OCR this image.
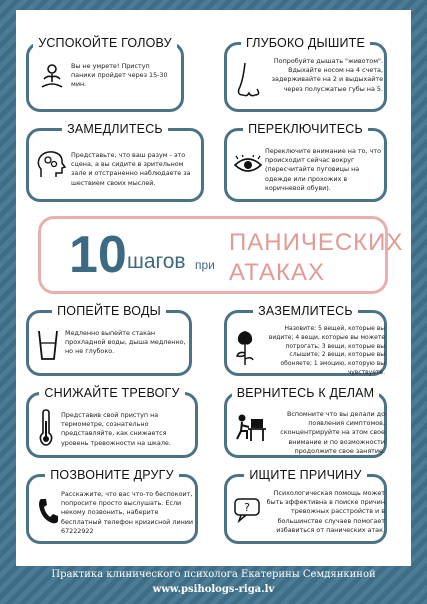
УСПОКОЙТЕ ГОЛОВУ
Вы не умрете! Приступ паники пройдет через 15-30 мин.
ГЛУБОКО ДЫШИТЕ
Попробуйте дышать "животом". Вдыхайте носом на 4 счета, задерживайте на 2 и выдыхайте через полусжатые губы на 5.
ЗАМЕДЛИТЕСЬ
Представьте, что ваш разум - это сцена, а вы сидите в зрительном зале и отстраненно наблюдаете за шествием своих мыслей.
ПЕРЕКЛЮЧИТЕСЬ
Переключите внимание на то, что происходит сейчас вокруг (пересчитайте пуговицы на одежде или прохожих в коричневой обуви).
10 шагов при
ПАНИЧЕСКИХ
АТАКАХ
ПОПЕЙТЕ ВОДЫ
Медленно выпейте стакан прохладной воды, дыша медленно, но не глубоко.
ЗАЗЕМЛИТЕСЬ
Назовите: 5 вещей, которые вы видите; 4 вещи, которые вы можете потрогать; 3 вещи, которые вы слышите; 2 вещи, которые вы обоняете; 1 эмоцию, которую вы чувствуете.
СНИЖАЙТЕ ТРЕВОГУ
Представив свой приступ на термометре, сознательно представляйте, как снижается уровень тревожности на шкале.
ВЕРНИТЕСЬ К ДЕЛАМ
Вспомните что вы делали до появления симптомов, сконцентрируйте на этом свое внимание и по возможности продолжите свое занятие.
ПОЗВОНИТЕ ДРУГУ
Расскажите, что вас что-то беспокоит, попросите просто выслушать. Если некому позвонить, наберите бесплатный телефон кризисной линии 67222922
ИЩИТЕ ПРИЧИНУ
?
Психологическая помощь может быть эффективна в поиске причин тревожных расстройств и в большинстве случаев помогает избавиться от панических атак.
Практика клинического психолога Екатерины Семдянкиной
www.psihologs-riga.lv
